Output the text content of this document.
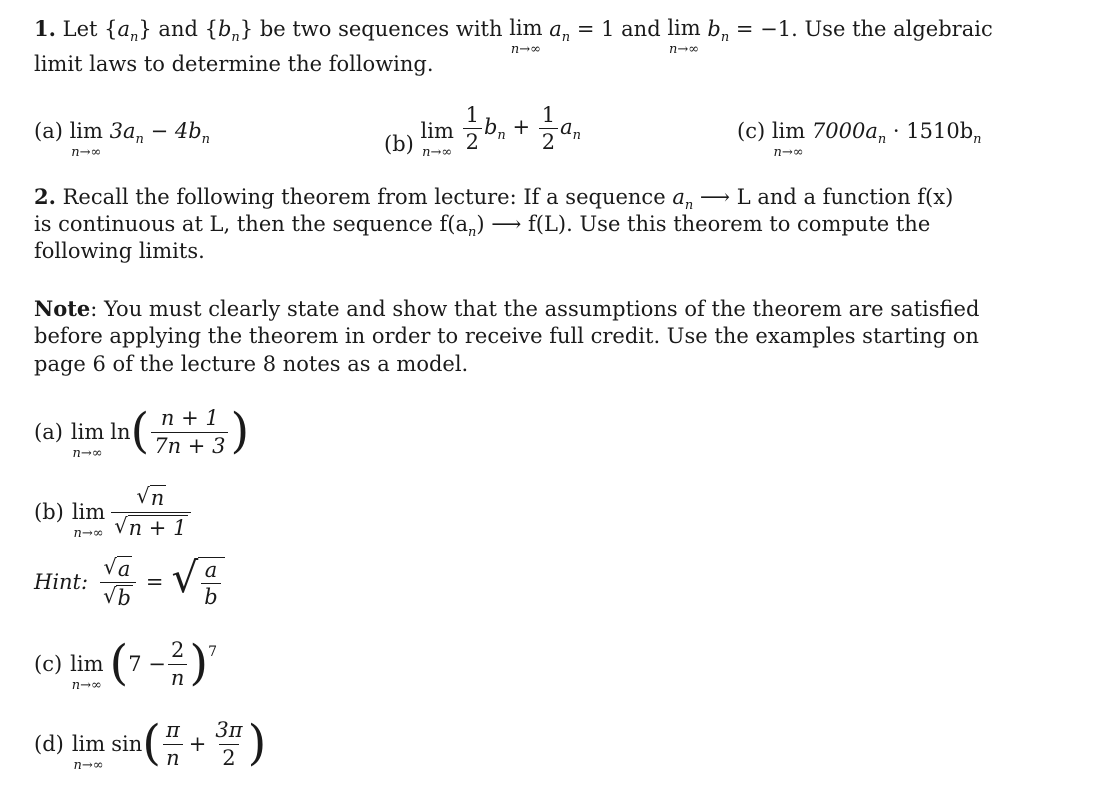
1. Let $\{a_n\}$ and $\{b_n\}$ be two sequences with lim
n→∞
$a_n = 1$ and lim
n→∞
$b_n = -1$. Use the algebraic
limit laws to determine the following.
(a) lim
n→∞
$3a_n - 4b_n$	(b)
lim
n→∞
$\frac{1}{2} b_n + \frac{1}{2} a_n$	(c) lim
n→∞
$7000a_n \cdot 1510b_n$
2. Recall the following theorem from lecture: If a sequence $a_n$ ⟶ L and a function f(x)
is continuous at L, then the sequence $f(a_n)$ ⟶ f(L). Use this theorem to compute the
following limits.
Note: You must clearly state and show that the assumptions of the theorem are satisfied
before applying the theorem in order to receive full credit. Use the examples starting on
page 6 of the lecture 8 notes as a model.
(a) lim
n→∞
ln ( $\frac{n + 1}{7n + 3}$ )
(b) lim
$n\to\infty \frac{√ n}{√ n + 1}$
Hint: $\frac{√ a}{√ b}$ = √ $\frac{a}{b}$
(c) lim
n→∞ ( $7 - \frac{2}{n}$ ) 7
(d) lim
n→∞
sin ( $\frac{\pi}{n} + \frac{3\pi}{2}$ )
